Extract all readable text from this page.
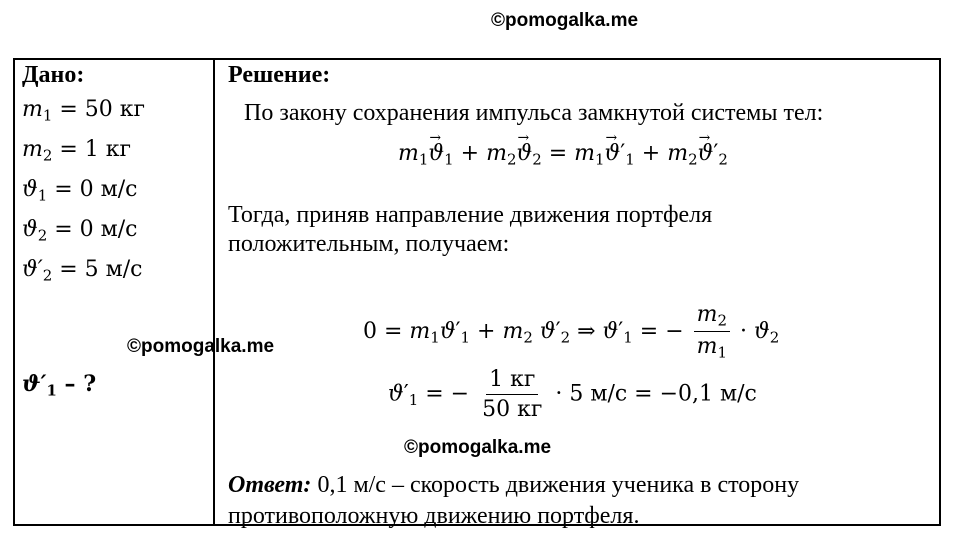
©pomogalka.me
Дано:	Решение:
$m_1 = 50$ кг
$m_2 = 1$ кг
$ϑ_1 = 0$ м/с
$ϑ_2 = 0$ м/с
$ϑ'_2 = 5$ м/с
©pomogalka.me
$ϑ'_1$ – ?
По закону сохранения импульса замкнутой системы тел:
$m_1\to ϑ_1 + m_2\to ϑ_2 = m_1\to ϑ'_1 + m_2\to ϑ'_2$
Тогда, приняв направление движения портфеля
положительным, получаем:
$0 = m_1ϑ'_1 + m_2$ $ϑ'_2$ ⇒ $ϑ'_1$ = − $\frac{m_2}{m_1} \cdot ϑ_2$
$ϑ'_1$ = − $\frac{1 кг}{50 кг} \cdot 5$ м/с = −0,1 м/с
©pomogalka.me
Ответ: 0,1 м/с – скорость движения ученика в сторону
противоположную движению портфеля.
